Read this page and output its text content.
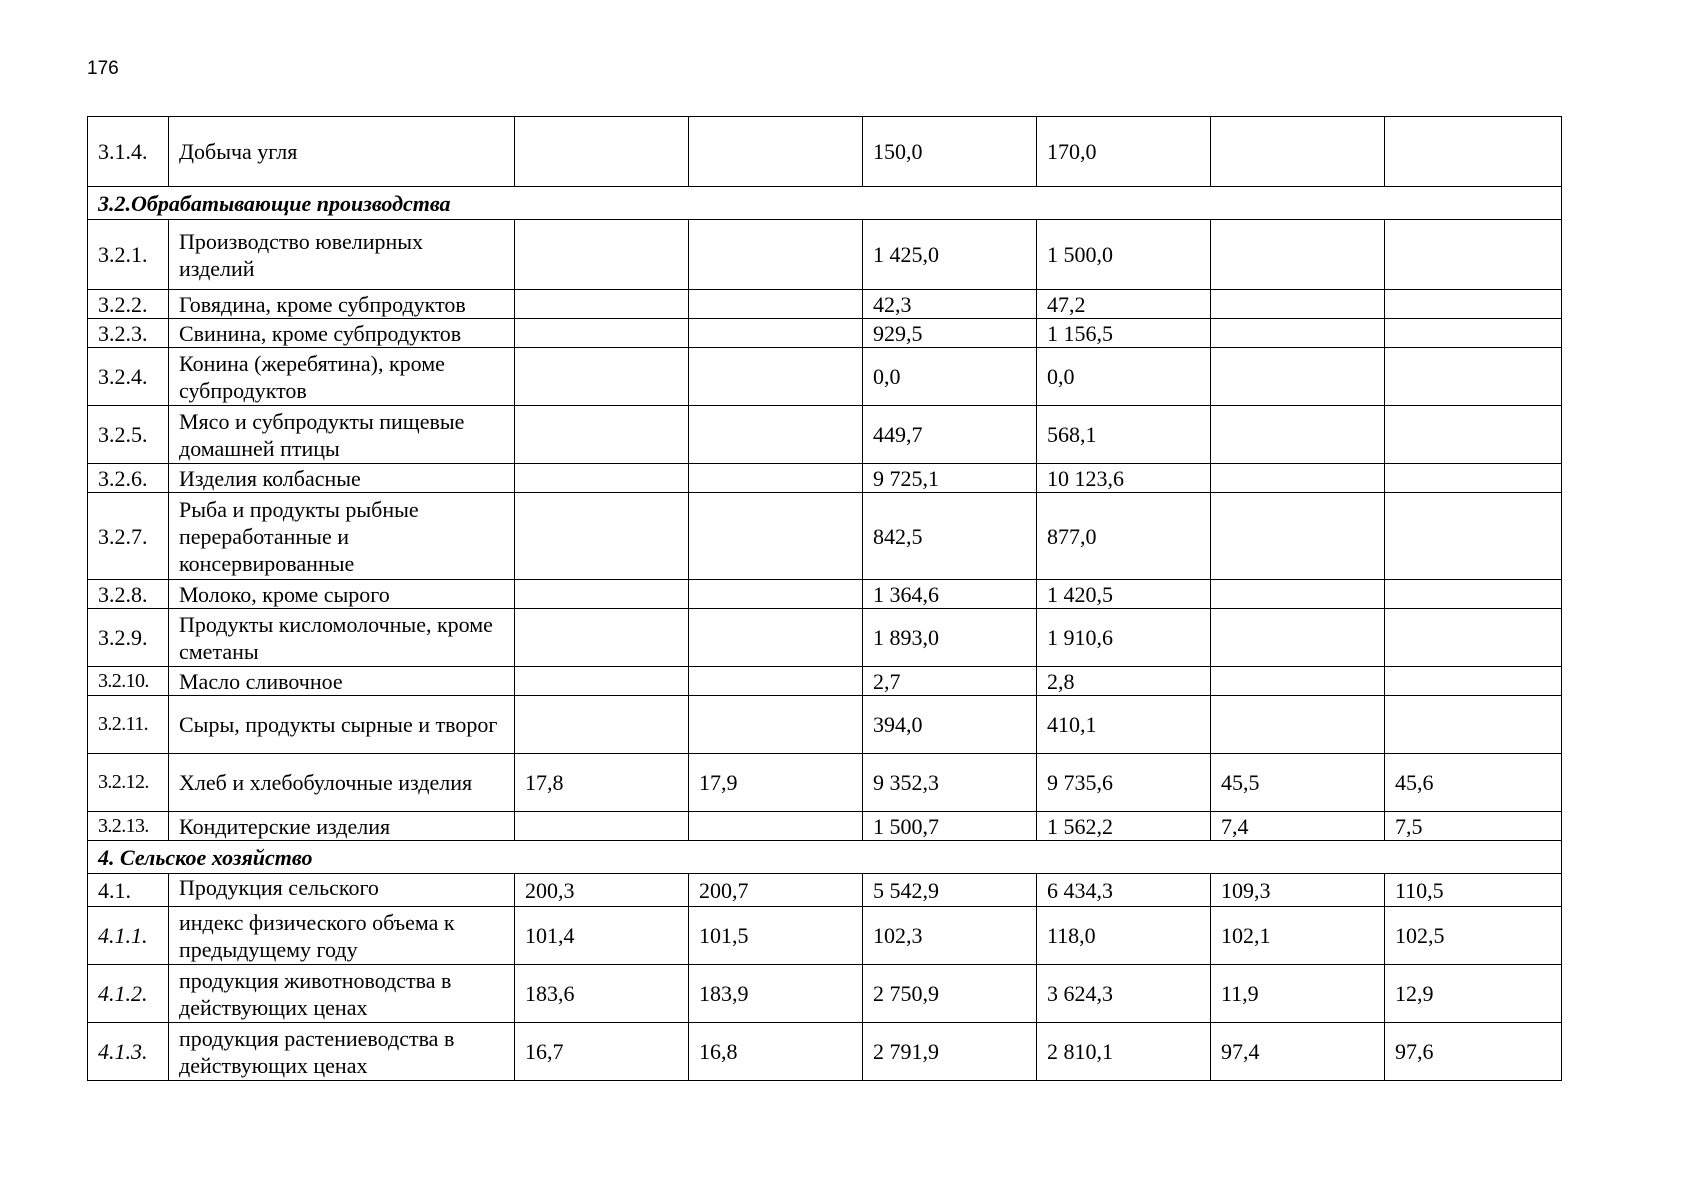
176
3.1.4.	Добыча угля			150,0	170,0		
3.2.Обрабатывающие производства							
3.2.1.	Производство ювелирных изделий			1 425,0	1 500,0		
3.2.2.	Говядина, кроме субпродуктов			42,3	47,2		
3.2.3.	Свинина, кроме субпродуктов			929,5	1 156,5		
3.2.4.	Конина (жеребятина), кроме субпродуктов			0,0	0,0		
3.2.5.	Мясо и субпродукты пищевые домашней птицы			449,7	568,1		
3.2.6.	Изделия колбасные			9 725,1	10 123,6		
3.2.7.	Рыба и продукты рыбные переработанные и консервированные			842,5	877,0		
3.2.8.	Молоко, кроме сырого			1 364,6	1 420,5		
3.2.9.	Продукты кисломолочные, кроме сметаны			1 893,0	1 910,6		
3.2.10.	Масло сливочное			2,7	2,8		
3.2.11.	Сыры, продукты сырные и творог			394,0	410,1		
3.2.12.	Хлеб и хлебобулочные изделия	17,8	17,9	9 352,3	9 735,6	45,5	45,6
3.2.13.	Кондитерские изделия			1 500,7	1 562,2	7,4	7,5
4. Сельское хозяйство							
4.1.	Продукция сельского	200,3	200,7	5 542,9	6 434,3	109,3	110,5
4.1.1.	индекс физического объема к предыдущему году	101,4	101,5	102,3	118,0	102,1	102,5
4.1.2.	продукция животноводства в действующих ценах	183,6	183,9	2 750,9	3 624,3	11,9	12,9
4.1.3.	продукция растениеводства в действующих ценах	16,7	16,8	2 791,9	2 810,1	97,4	97,6
